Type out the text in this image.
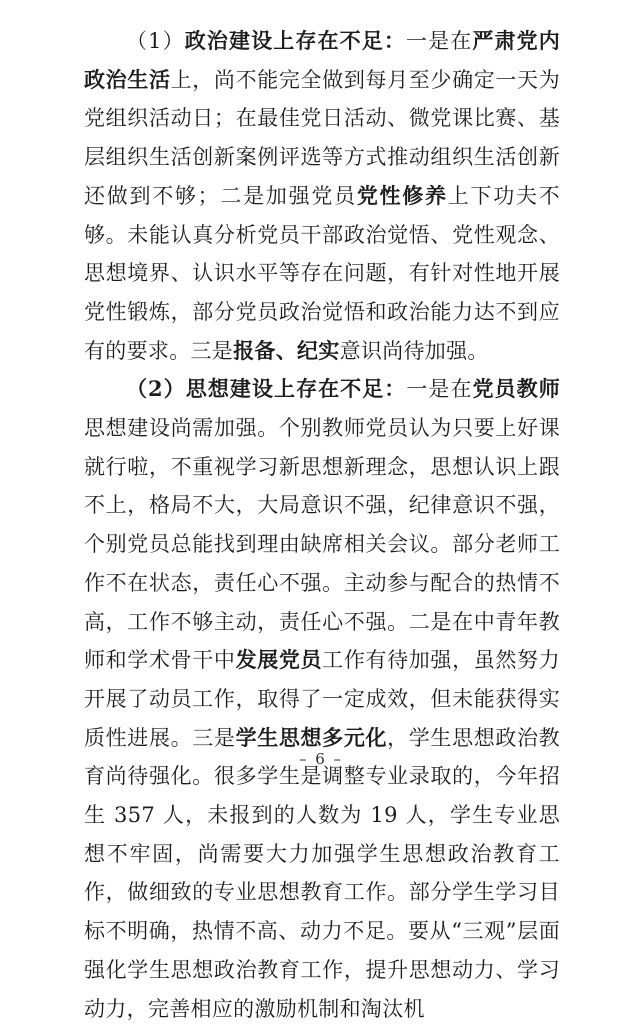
（1）政治建设上存在不足：一是在严肃党内政治生活上，尚不能完全做到每月至少确定一天为党组织活动日；在最佳党日活动、微党课比赛、基层组织生活创新案例评选等方式推动组织生活创新还做到不够；二是加强党员党性修养上下功夫不够。未能认真分析党员干部政治觉悟、党性观念、思想境界、认识水平等存在问题，有针对性地开展党性锻炼，部分党员政治觉悟和政治能力达不到应有的要求。三是报备、纪实意识尚待加强。

（2）思想建设上存在不足：一是在党员教师思想建设尚需加强。个别教师党员认为只要上好课就行啦，不重视学习新思想新理念，思想认识上跟不上，格局不大，大局意识不强，纪律意识不强，个别党员总能找到理由缺席相关会议。部分老师工作不在状态，责任心不强。主动参与配合的热情不高，工作不够主动，责任心不强。二是在中青年教师和学术骨干中发展党员工作有待加强，虽然努力开展了动员工作，取得了一定成效，但未能获得实质性进展。三是学生思想多元化，学生思想政治教育尚待强化。很多学生是调整专业录取的，今年招生 357 人，未报到的人数为 19 人，学生专业思想不牢固，尚需要大力加强学生思想政治教育工作，做细致的专业思想教育工作。部分学生学习目标不明确，热情不高、动力不足。要从“三观”层面强化学生思想政治教育工作，提升思想动力、学习动力，完善相应的激励机制和淘汰机

– 6 –
